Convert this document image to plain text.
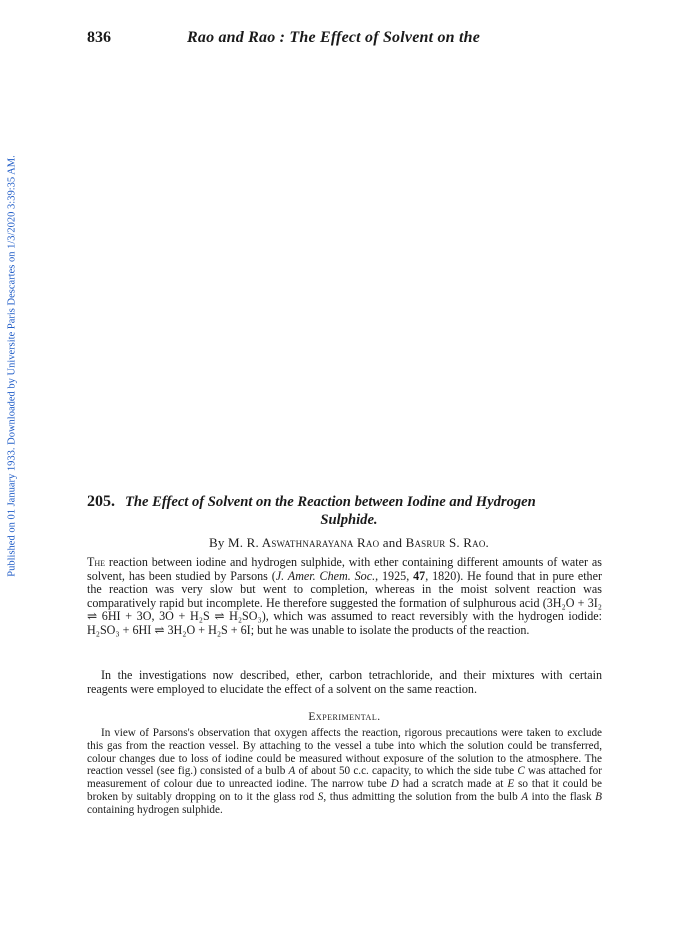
Published on 01 January 1933. Downloaded by Universite Paris Descartes on 1/3/2020 3:39:35 AM.
836	Rao and Rao : The Effect of Solvent on the
205. The Effect of Solvent on the Reaction between Iodine and Hydrogen
Sulphide.
By M. R. Aswathnarayana Rao and Basrur S. Rao.

The reaction between iodine and hydrogen sulphide, with ether containing different amounts of water as solvent, has been studied by Parsons (J. Amer. Chem. Soc., 1925, 47, 1820). He found that in pure ether the reaction was very slow but went to completion, whereas in the moist solvent reaction was comparatively rapid but incomplete. He therefore suggested the formation of sulphurous acid (3H₂O + 3I₂ ⇌ 6HI + 3O, 3O + H₂S ⇌ H₂SO₃), which was assumed to react reversibly with the hydrogen iodide: H₂SO₃ + 6HI ⇌ 3H₂O + H₂S + 6I; but he was unable to isolate the products of the reaction.

In the investigations now described, ether, carbon tetrachloride, and their mixtures with certain reagents were employed to elucidate the effect of a solvent on the same reaction.

Experimental.

In view of Parsons's observation that oxygen affects the reaction, rigorous precautions were taken to exclude this gas from the reaction vessel. By attaching to the vessel a tube into which the solution could be transferred, colour changes due to loss of iodine could be measured without exposure of the solution to the atmosphere. The reaction vessel (see fig.) consisted of a bulb A of about 50 c.c. capacity, to which the side tube C was attached for measurement of colour due to unreacted iodine. The narrow tube D had a scratch made at E so that it could be broken by suitably dropping on to it the glass rod S, thus admitting the solution from the bulb A into the flask B containing hydrogen sulphide.
